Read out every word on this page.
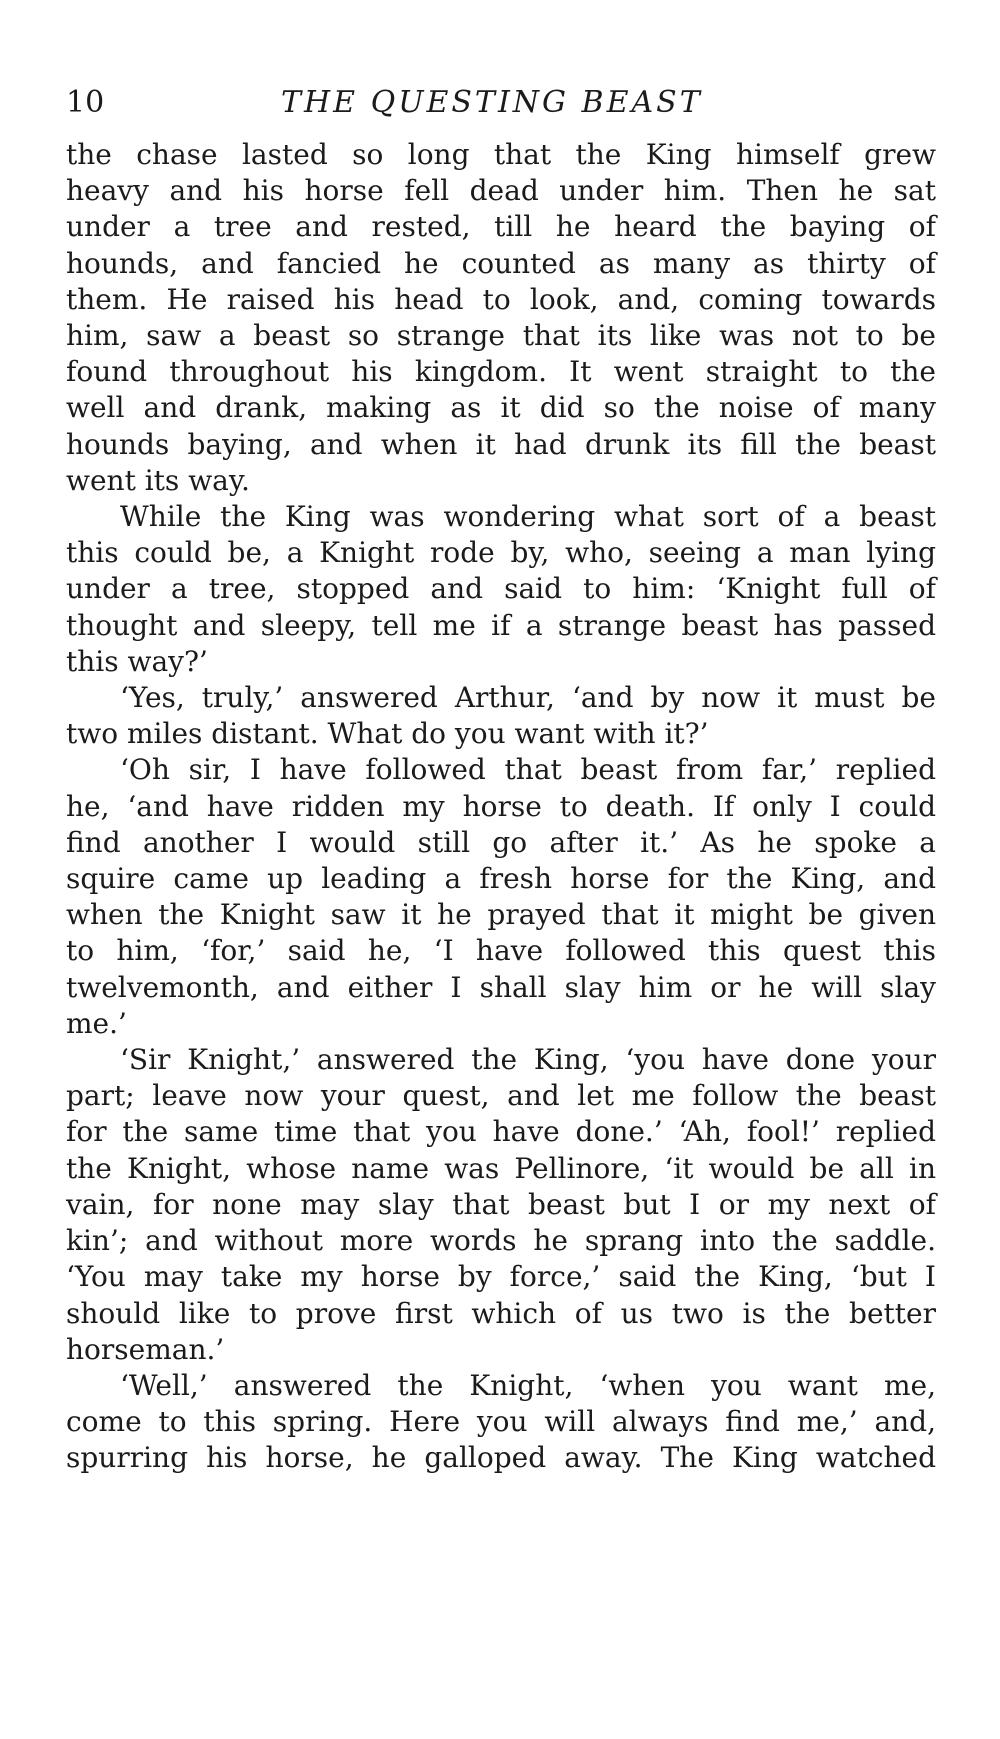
10	THE QUESTING BEAST
the chase lasted so long that the King himself grew
heavy and his horse fell dead under him. Then he sat
under a tree and rested, till he heard the baying of
hounds, and fancied he counted as many as thirty of
them. He raised his head to look, and, coming towards
him, saw a beast so strange that its like was not to be
found throughout his kingdom. It went straight to the
well and drank, making as it did so the noise of many
hounds baying, and when it had drunk its fill the beast
went its way.
While the King was wondering what sort of a beast
this could be, a Knight rode by, who, seeing a man lying
under a tree, stopped and said to him: ‘Knight full of
thought and sleepy, tell me if a strange beast has passed
this way?’
‘Yes, truly,’ answered Arthur, ‘and by now it must be
two miles distant. What do you want with it?’
‘Oh sir, I have followed that beast from far,’ replied
he, ‘and have ridden my horse to death. If only I could
find another I would still go after it.’ As he spoke a
squire came up leading a fresh horse for the King, and
when the Knight saw it he prayed that it might be given
to him, ‘for,’ said he, ‘I have followed this quest this
twelvemonth, and either I shall slay him or he will slay
me.’
‘Sir Knight,’ answered the King, ‘you have done your
part; leave now your quest, and let me follow the beast
for the same time that you have done.’ ‘Ah, fool!’ replied
the Knight, whose name was Pellinore, ‘it would be all in
vain, for none may slay that beast but I or my next of
kin’; and without more words he sprang into the saddle.
‘You may take my horse by force,’ said the King, ‘but I
should like to prove first which of us two is the better
horseman.’
‘Well,’ answered the Knight, ‘when you want me,
come to this spring. Here you will always find me,’ and,
spurring his horse, he galloped away. The King watched
